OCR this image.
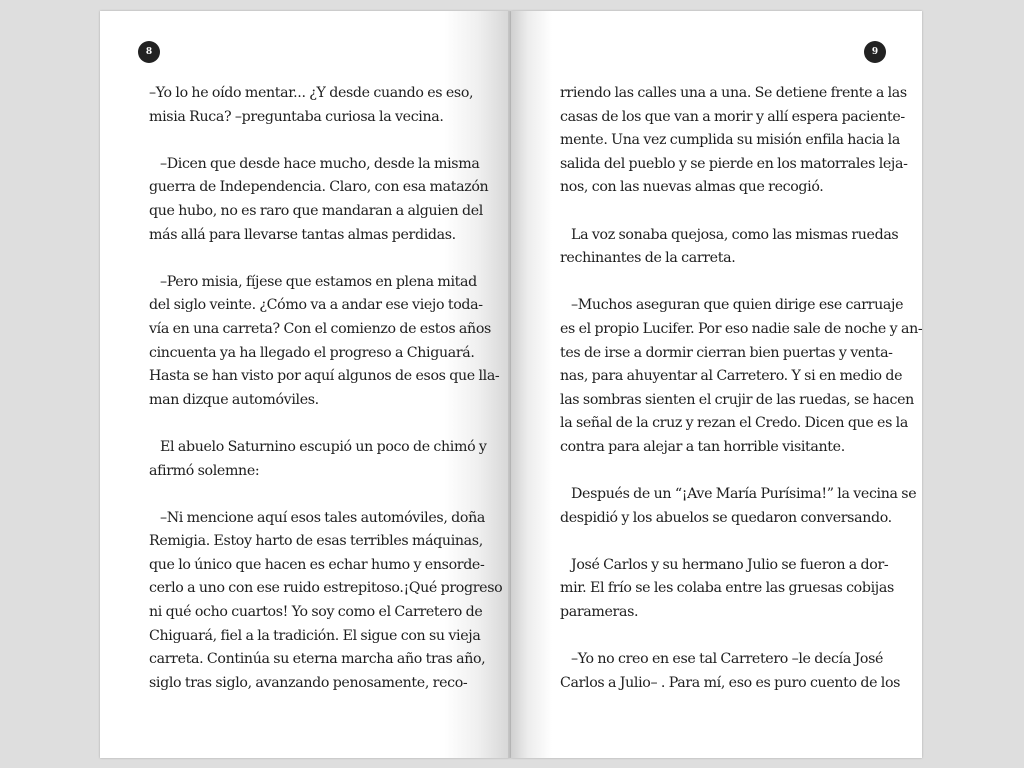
8
–Yo lo he oído mentar... ¿Y desde cuando es eso,
misia Ruca? –preguntaba curiosa la vecina.
–Dicen que desde hace mucho, desde la misma
guerra de Independencia. Claro, con esa matazón
que hubo, no es raro que mandaran a alguien del
más allá para llevarse tantas almas perdidas.
–Pero misia, fíjese que estamos en plena mitad
del siglo veinte. ¿Cómo va a andar ese viejo toda-
vía en una carreta? Con el comienzo de estos años
cincuenta ya ha llegado el progreso a Chiguará.
Hasta se han visto por aquí algunos de esos que lla-
man dizque automóviles.
El abuelo Saturnino escupió un poco de chimó y
afirmó solemne:
–Ni mencione aquí esos tales automóviles, doña
Remigia. Estoy harto de esas terribles máquinas,
que lo único que hacen es echar humo y ensorde-
cerlo a uno con ese ruido estrepitoso.¡Qué progreso
ni qué ocho cuartos! Yo soy como el Carretero de
Chiguará, fiel a la tradición. El sigue con su vieja
carreta. Continúa su eterna marcha año tras año,
siglo tras siglo, avanzando penosamente, reco-
9
rriendo las calles una a una. Se detiene frente a las
casas de los que van a morir y allí espera paciente-
mente. Una vez cumplida su misión enfila hacia la
salida del pueblo y se pierde en los matorrales leja-
nos, con las nuevas almas que recogió.
La voz sonaba quejosa, como las mismas ruedas
rechinantes de la carreta.
–Muchos aseguran que quien dirige ese carruaje
es el propio Lucifer. Por eso nadie sale de noche y an-
tes de irse a dormir cierran bien puertas y venta-
nas, para ahuyentar al Carretero. Y si en medio de
las sombras sienten el crujir de las ruedas, se hacen
la señal de la cruz y rezan el Credo. Dicen que es la
contra para alejar a tan horrible visitante.
Después de un “¡Ave María Purísima!” la vecina se
despidió y los abuelos se quedaron conversando.
José Carlos y su hermano Julio se fueron a dor-
mir. El frío se les colaba entre las gruesas cobijas
parameras.
–Yo no creo en ese tal Carretero –le decía José
Carlos a Julio– . Para mí, eso es puro cuento de los
